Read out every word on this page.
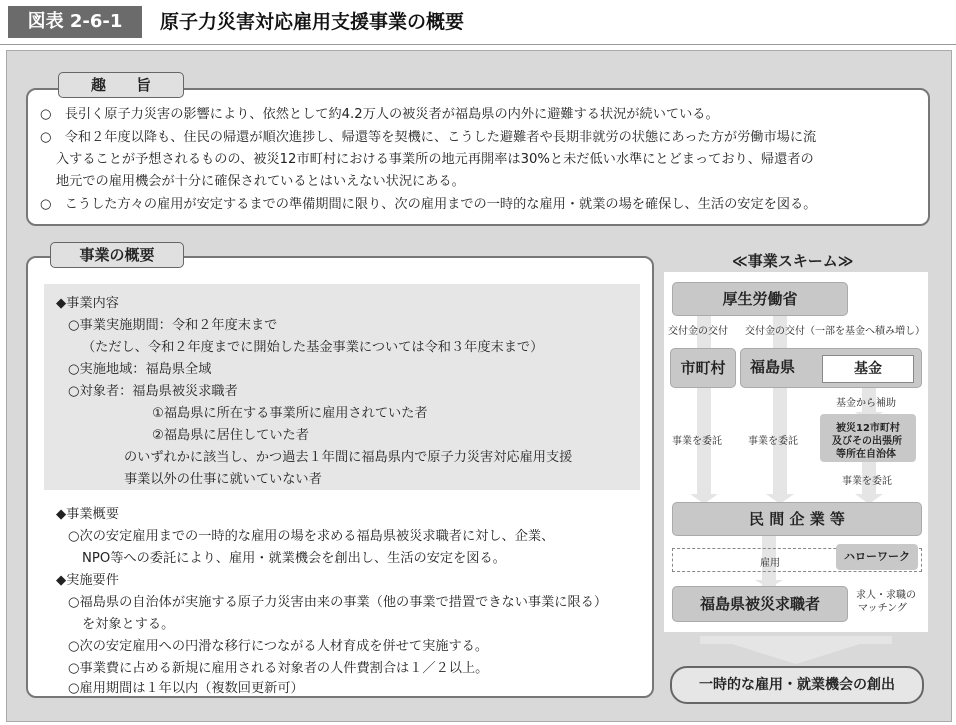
図表 2-6-1	原子力災害対応雇用支援事業の概要
趣　　旨
○　長引く原子力災害の影響により、依然として約4.2万人の被災者が福島県の内外に避難する状況が続いている。
○　令和２年度以降も、住民の帰還が順次進捗し、帰還等を契機に、こうした避難者や長期非就労の状態にあった方が労働市場に流
入することが予想されるものの、被災12市町村における事業所の地元再開率は30%と未だ低い水準にとどまっており、帰還者の
地元での雇用機会が十分に確保されているとはいえない状況にある。
○　こうした方々の雇用が安定するまでの準備期間に限り、次の雇用までの一時的な雇用・就業の場を確保し、生活の安定を図る。
事業の概要
◆事業内容
○事業実施期間：令和２年度末まで
（ただし、令和２年度までに開始した基金事業については令和３年度末まで）
○実施地域：福島県全域
○対象者：福島県被災求職者
①福島県に所在する事業所に雇用されていた者
②福島県に居住していた者
のいずれかに該当し、かつ過去１年間に福島県内で原子力災害対応雇用支援
事業以外の仕事に就いていない者
◆事業概要
○次の安定雇用までの一時的な雇用の場を求める福島県被災求職者に対し、企業、
NPO等への委託により、雇用・就業機会を創出し、生活の安定を図る。
◆実施要件
○福島県の自治体が実施する原子力災害由来の事業（他の事業で措置できない事業に限る）
を対象とする。
○次の安定雇用への円滑な移行につながる人材育成を併せて実施する。
○事業費に占める新規に雇用される対象者の人件費割合は１／２以上。
○雇用期間は１年以内（複数回更新可）
≪事業スキーム≫
厚生労働省
交付金の交付 交付金の交付（一部を基金へ積み増し）
市町村	福島県	基金
基金から補助
被災12市町村
及びその出張所
等所在自治体
事業を委託	事業を委託
事業を委託
民 間 企 業 等
雇用
ハローワーク
福島県被災求職者	求人・求職の
マッチング
一時的な雇用・就業機会の創出
